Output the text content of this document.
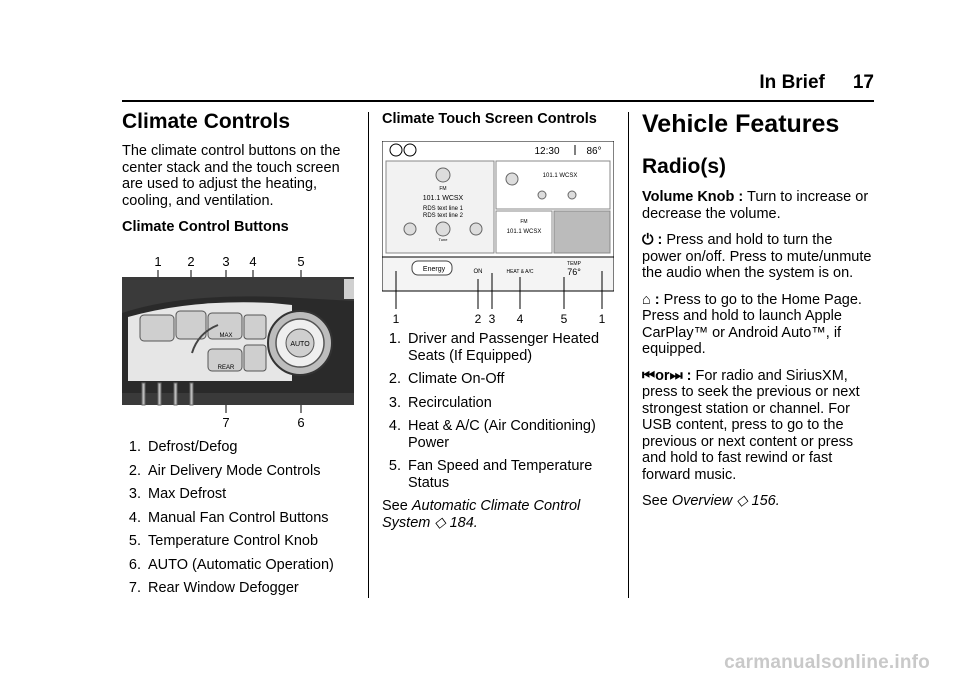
In Brief 17
Climate Controls

The climate control buttons on the center stack and the touch screen are used to adjust the heating, cooling, and ventilation.

Climate Control Buttons
1 2 3 4	5
MAX
REAR
AUTO
7	6
1. Defrost/Defog
2. Air Delivery Mode Controls
3. Max Defrost
4. Manual Fan Control Buttons
5. Temperature Control Knob
6. AUTO (Automatic Operation)
7. Rear Window Defogger
Climate Touch Screen Controls
12:30	86°
FM
101.1 WCSX
RDS text line 1
RDS text line 2
Tune
101.1 WCSX
FM
101.1 WCSX
Energy	ON	HEAT & A/C
TEMP
76°
1	2 3 4	5	1
1. Driver and Passenger Heated Seats (If Equipped)
2. Climate On-Off
3. Recirculation
4. Heat & A/C (Air Conditioning) Power
5. Fan Speed and Temperature Status

See Automatic Climate Control System ◇ 184.

Vehicle Features
Radio(s)

Volume Knob : Turn to increase or decrease the volume.

⏻ : Press and hold to turn the power on/off. Press to mute/unmute the audio when the system is on.

⌂ : Press to go to the Home Page. Press and hold to launch Apple CarPlay™ or Android Auto™, if equipped.

⏮or⏭ : For radio and SiriusXM, press to seek the previous or next strongest station or channel. For USB content, press to go to the previous or next content or press and hold to fast rewind or fast forward music.

See Overview ◇ 156.

carmanualsonline.info
